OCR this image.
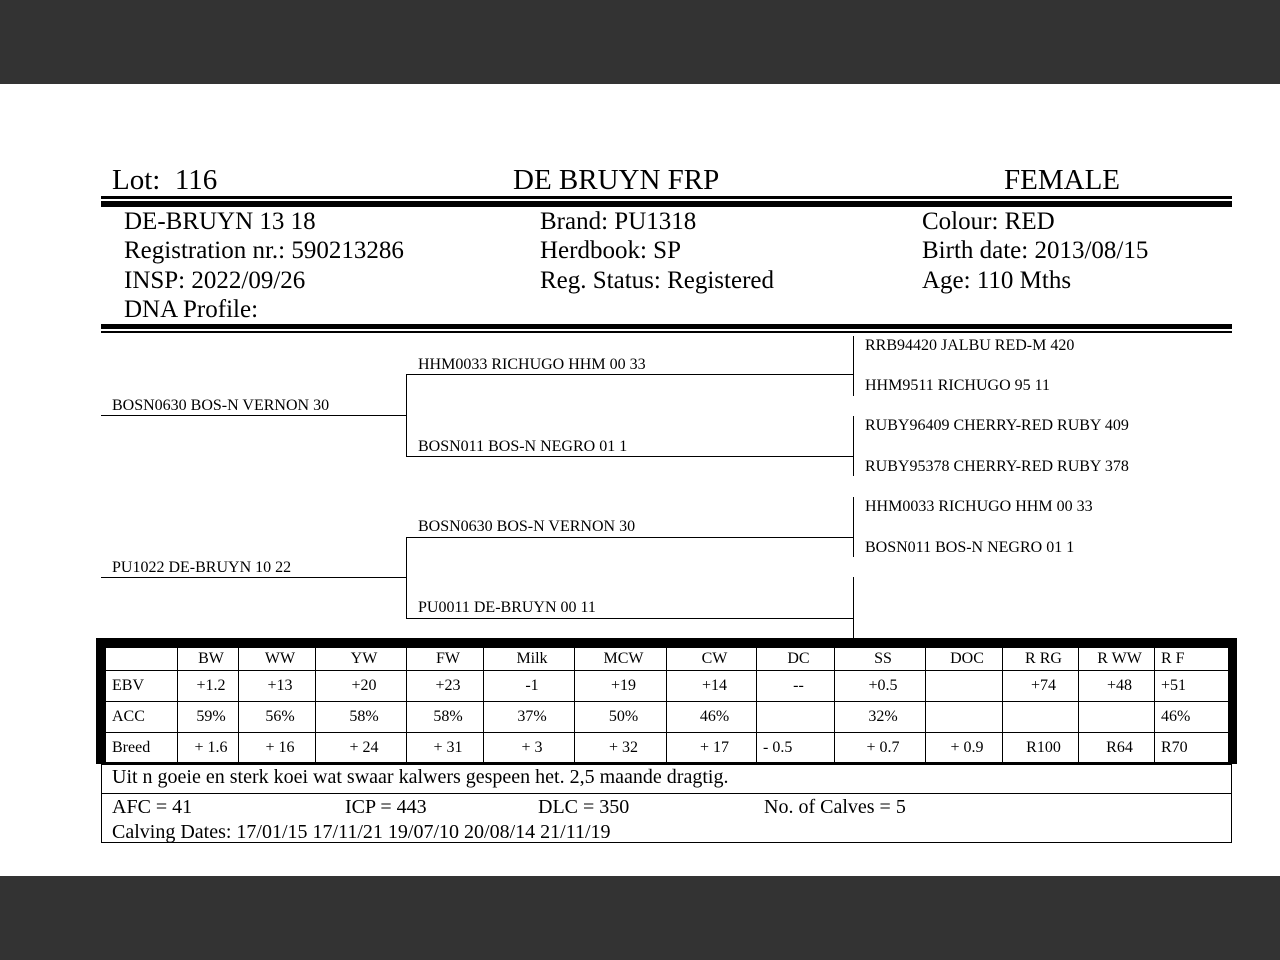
Lot: 116	DE BRUYN FRP	FEMALE
DE-BRUYN 13 18
Registration nr.: 590213286
INSP: 2022/09/26
DNA Profile:
Brand: PU1318
Herdbook: SP
Reg. Status: Registered
Colour: RED
Birth date: 2013/08/15
Age: 110 Mths
BOSN0630 BOS-N VERNON 30
PU1022 DE-BRUYN 10 22
HHM0033 RICHUGO HHM 00 33
BOSN011 BOS-N NEGRO 01 1
BOSN0630 BOS-N VERNON 30
PU0011 DE-BRUYN 00 11
RRB94420 JALBU RED-M 420
HHM9511 RICHUGO 95 11
RUBY96409 CHERRY-RED RUBY 409
RUBY95378 CHERRY-RED RUBY 378
HHM0033 RICHUGO HHM 00 33
BOSN011 BOS-N NEGRO 01 1
	BW	WW	YW	FW	Milk	MCW	CW	DC	SS	DOC	R RG	R WW	R F
EBV	+1.2	+13	+20	+23	-1	+19	+14	--	+0.5		+74	+48	+51
ACC	59%	56%	58%	58%	37%	50%	46%		32%				46%
Breed	+ 1.6	+ 16	+ 24	+ 31	+ 3	+ 32	+ 17	- 0.5	+ 0.7	+ 0.9	R100	R64	R70
Uit n goeie en sterk koei wat swaar kalwers gespeen het. 2,5 maande dragtig.
AFC = 41	ICP = 443	DLC = 350	No. of Calves = 5
Calving Dates: 17/01/15 17/11/21 19/07/10 20/08/14 21/11/19
